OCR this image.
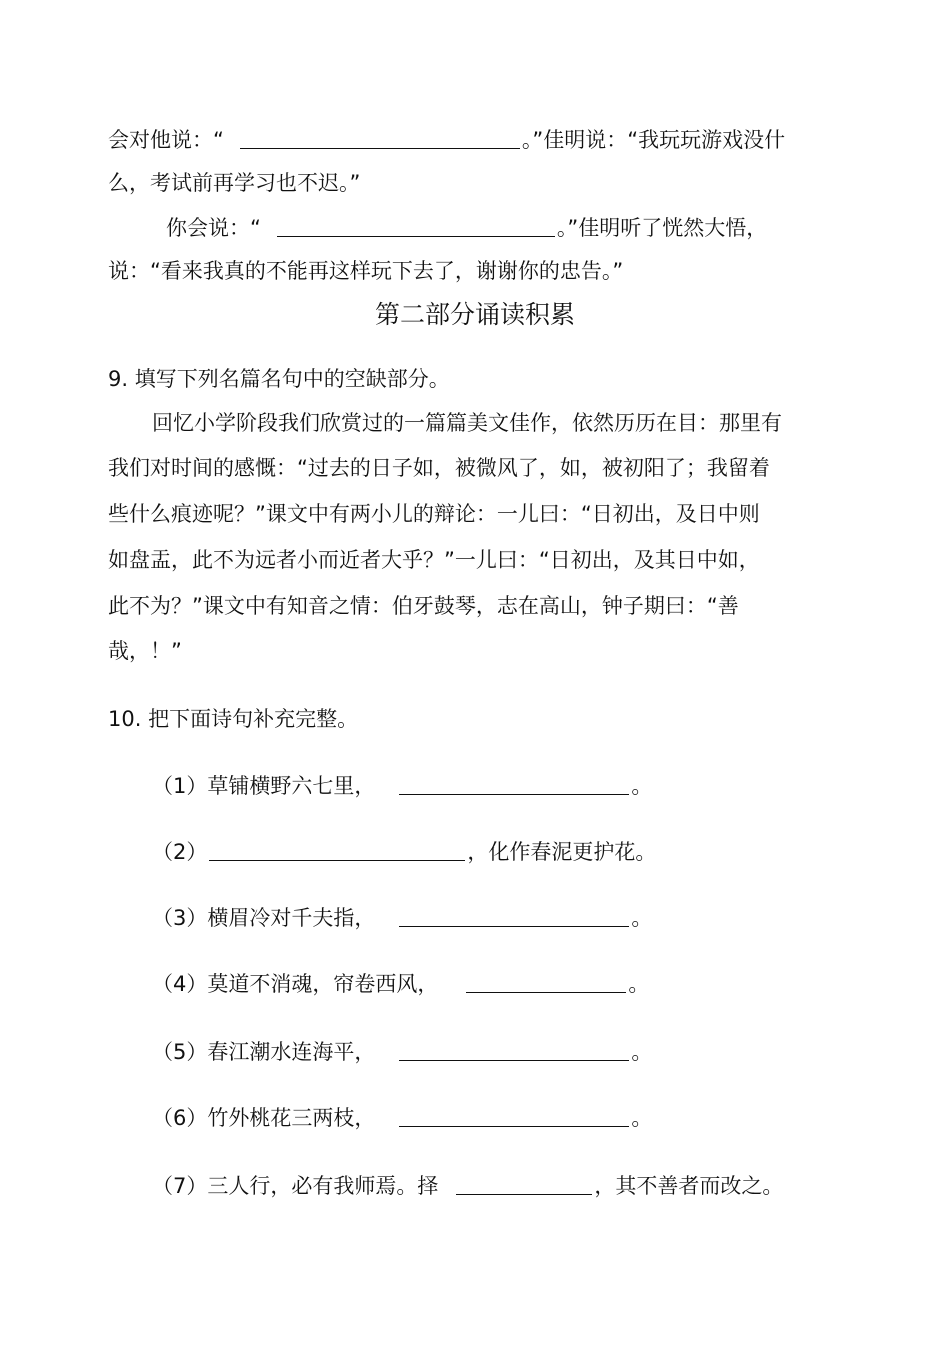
会对他说：“	。”佳明说：“我玩玩游戏没什
么，考试前再学习也不迟。”
你会说：“	。”佳明听了恍然大悟，
说：“看来我真的不能再这样玩下去了，谢谢你的忠告。”
第二部分诵读积累
9. 填写下列名篇名句中的空缺部分。
回忆小学阶段我们欣赏过的一篇篇美文佳作，依然历历在目：那里有
我们对时间的感慨：“过去的日子如，被微风了，如，被初阳了；我留着
些什么痕迹呢？”课文中有两小儿的辩论：一儿曰：“日初出，及日中则
如盘盂，此不为远者小而近者大乎？”一儿曰：“日初出，及其日中如，
此不为？”课文中有知音之情：伯牙鼓琴，志在高山，钟子期曰：“善
哉，！”
10. 把下面诗句补充完整。
（1）草铺横野六七里，	。
（2）	，化作春泥更护花。
（3）横眉冷对千夫指，	。
（4）莫道不消魂，帘卷西风，	。
（5）春江潮水连海平，	。
（6）竹外桃花三两枝，	。
（7）三人行，必有我师焉。择	，其不善者而改之。
